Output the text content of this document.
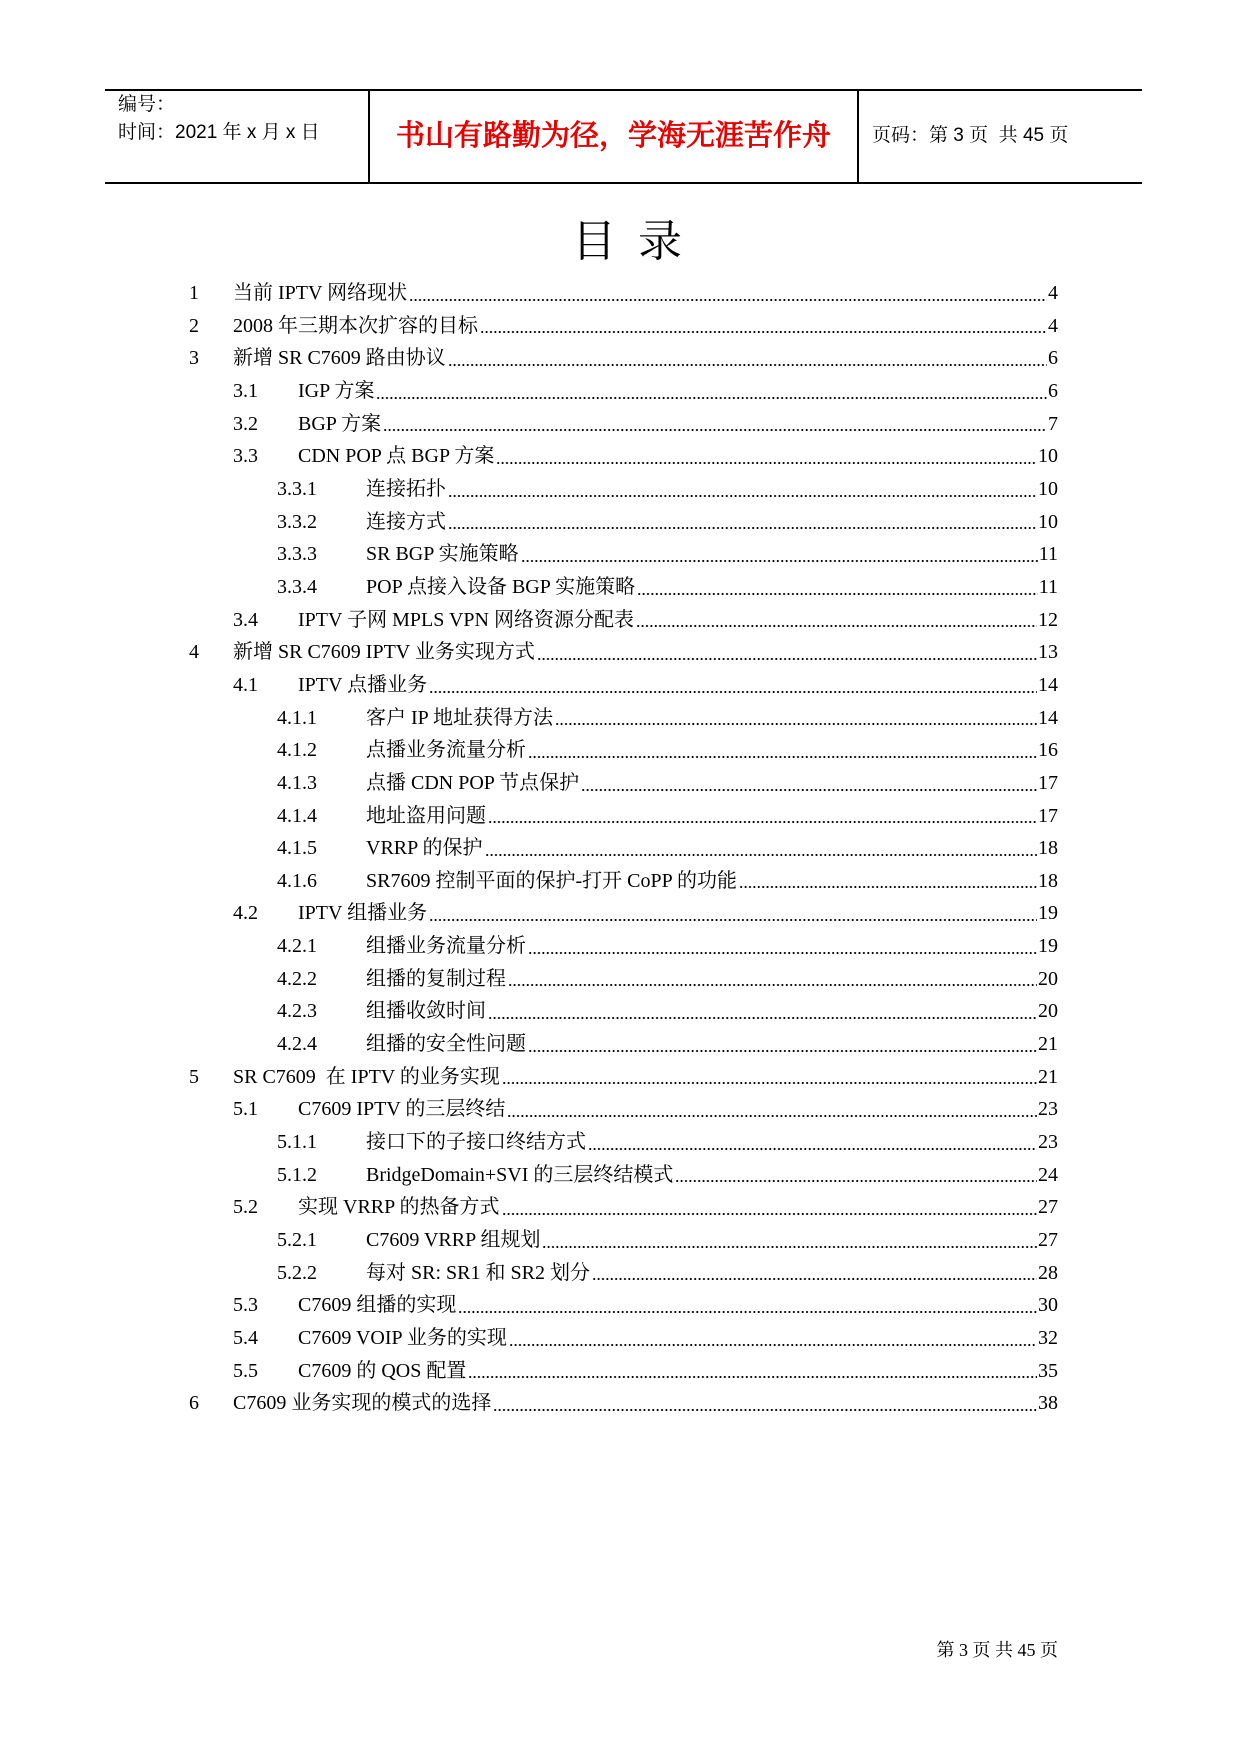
编号：
时间：2021 年 x 月 x 日	书山有路勤为径，学海无涯苦作舟	页码：第 3 页  共 45 页
目  录
1	当前 IPTV 网络现状	4
2	2008 年三期本次扩容的目标	4
3	新增 SR C7609 路由协议	6
3.1	IGP 方案	6
3.2	BGP 方案	7
3.3	CDN POP 点 BGP 方案	10
3.3.1	连接拓扑	10
3.3.2	连接方式	10
3.3.3	SR BGP 实施策略	11
3.3.4	POP 点接入设备 BGP 实施策略	11
3.4	IPTV 子网 MPLS VPN 网络资源分配表	12
4	新增 SR C7609 IPTV 业务实现方式	13
4.1	IPTV 点播业务	14
4.1.1	客户 IP 地址获得方法	14
4.1.2	点播业务流量分析	16
4.1.3	点播 CDN POP 节点保护	17
4.1.4	地址盗用问题	17
4.1.5	VRRP 的保护	18
4.1.6	SR7609 控制平面的保护-打开 CoPP 的功能	18
4.2	IPTV 组播业务	19
4.2.1	组播业务流量分析	19
4.2.2	组播的复制过程	20
4.2.3	组播收敛时间	20
4.2.4	组播的安全性问题	21
5	SR C7609  在 IPTV 的业务实现	21
5.1	C7609 IPTV 的三层终结	23
5.1.1	接口下的子接口终结方式	23
5.1.2	BridgeDomain+SVI 的三层终结模式	24
5.2	实现 VRRP 的热备方式	27
5.2.1	C7609 VRRP 组规划	27
5.2.2	每对 SR: SR1 和 SR2 划分	28
5.3	C7609 组播的实现	30
5.4	C7609 VOIP 业务的实现	32
5.5	C7609 的 QOS 配置	35
6	C7609 业务实现的模式的选择	38
第 3 页 共 45 页
